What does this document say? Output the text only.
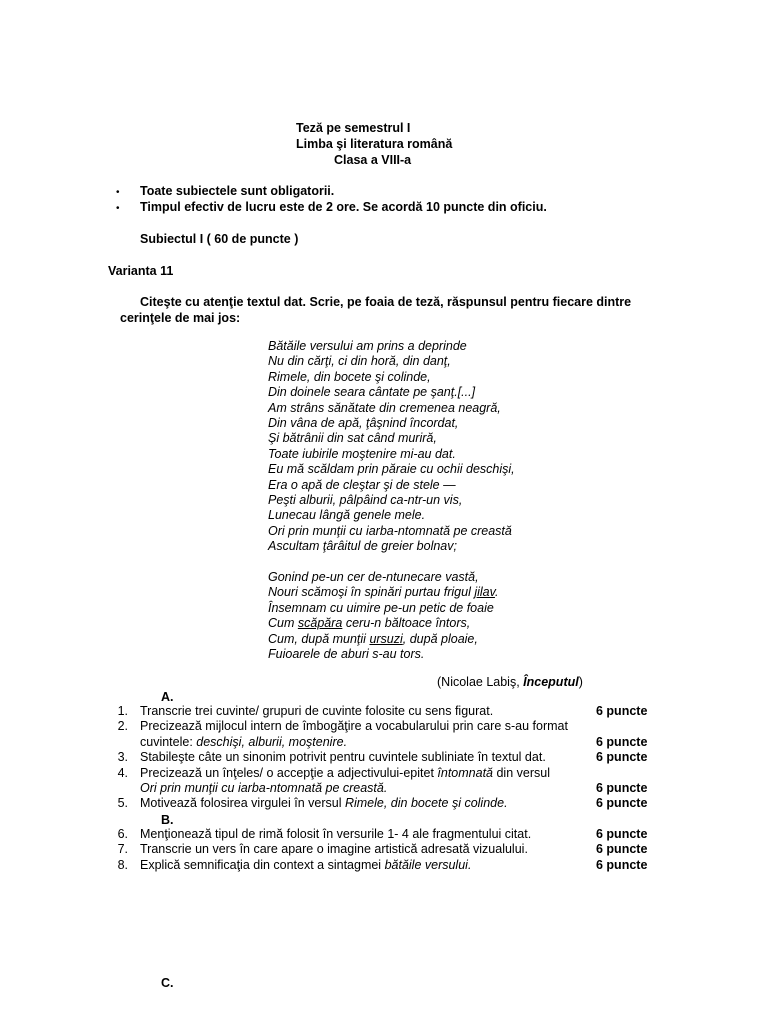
Teză pe semestrul I
Limba şi literatura română
Clasa a VIII-a
• Toate subiectele sunt obligatorii.
• Timpul efectiv de lucru este de 2 ore. Se acordă 10 puncte din oficiu.
Subiectul I ( 60 de puncte )
Varianta 11
Citeşte cu atenţie textul dat. Scrie, pe foaia de teză, răspunsul pentru fiecare dintre
cerinţele de mai jos:
Bătăile versului am prins a deprinde
Nu din cărţi, ci din horă, din danţ,
Rimele, din bocete şi colinde,
Din doinele seara cântate pe şanţ.[...]
Am strâns sănătate din cremenea neagră,
Din vâna de apă, ţâşnind încordat,
Şi bătrânii din sat când muriră,
Toate iubirile moştenire mi-au dat.
Eu mă scăldam prin păraie cu ochii deschişi,
Era o apă de cleştar şi de stele —
Peşti alburii, pâlpâind ca-ntr-un vis,
Lunecau lângă genele mele.
Ori prin munţii cu iarba-ntomnată pe creastă
Ascultam ţârâitul de greier bolnav;
Gonind pe-un cer de-ntunecare vastă,
Nouri scămoşi în spinări purtau frigul jilav.
Însemnam cu uimire pe-un petic de foaie
Cum scăpăra ceru-n băltoace întors,
Cum, după munţii ursuzi, după ploaie,
Fuioarele de aburi s-au tors.
(Nicolae Labiş, Începutul)
A.
1. Transcrie trei cuvinte/ grupuri de cuvinte folosite cu sens figurat.	6 puncte
2. Precizează mijlocul intern de îmbogăţire a vocabularului prin care s-au format
cuvintele: deschişi, alburii, moştenire.	6 puncte
3. Stabileşte câte un sinonim potrivit pentru cuvintele subliniate în textul dat.	6 puncte
4. Precizează un înţeles/ o accepţie a adjectivului-epitet întomnată din versul
Ori prin munţii cu iarba-ntomnată pe creastă.	6 puncte
5. Motivează folosirea virgulei în versul Rimele, din bocete şi colinde.	6 puncte
B.
6. Menţionează tipul de rimă folosit în versurile 1- 4 ale fragmentului citat.	6 puncte
7. Transcrie un vers în care apare o imagine artistică adresată vizualului.	6 puncte
8. Explică semnificaţia din context a sintagmei bătăile versului.	6 puncte
C.
